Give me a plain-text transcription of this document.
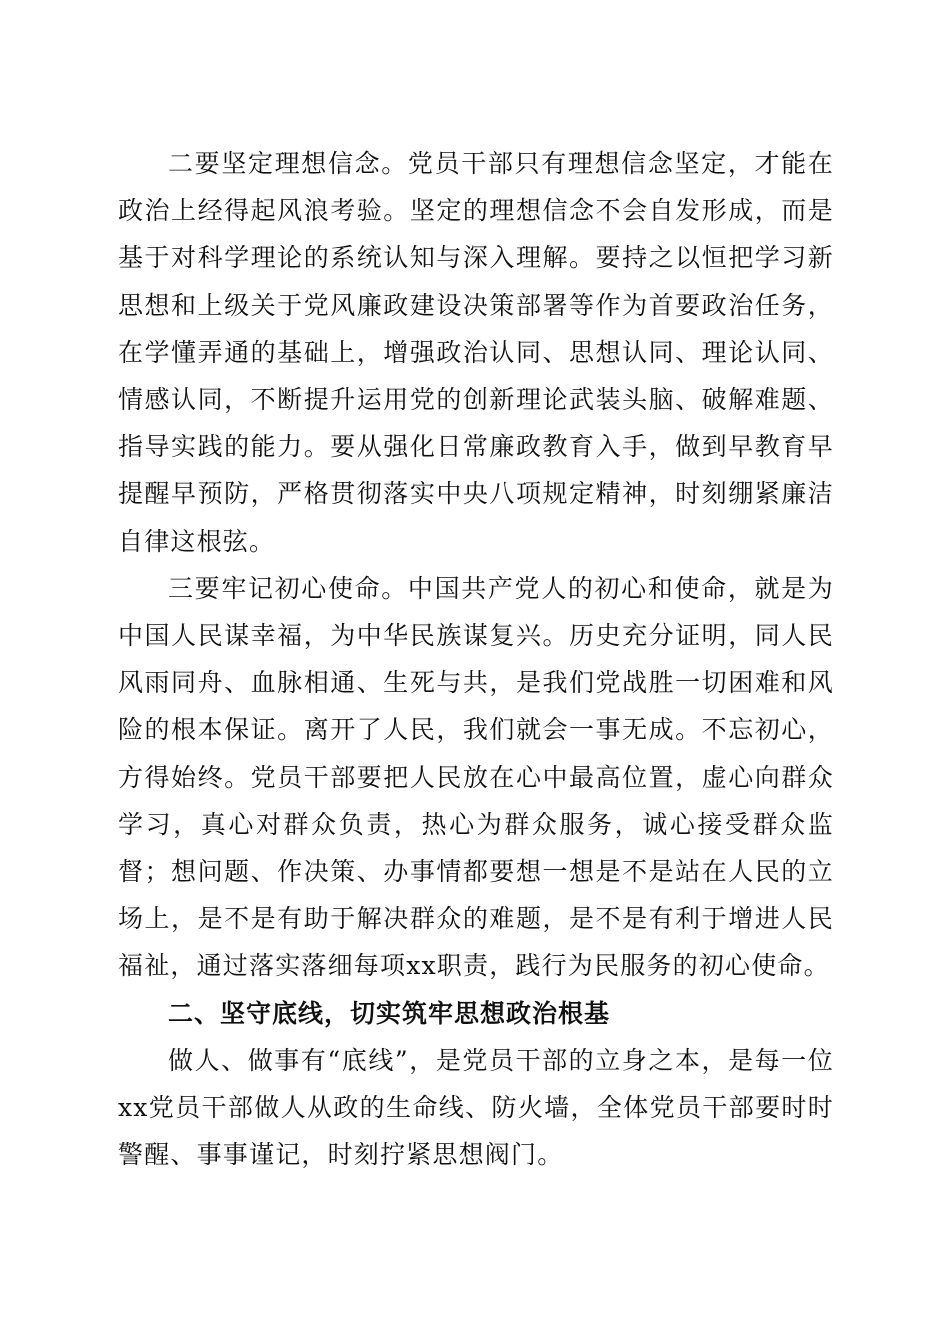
二要坚定理想信念。党员干部只有理想信念坚定，才能在政治上经得起风浪考验。坚定的理想信念不会自发形成，而是基于对科学理论的系统认知与深入理解。要持之以恒把学习新思想和上级关于党风廉政建设决策部署等作为首要政治任务，在学懂弄通的基础上，增强政治认同、思想认同、理论认同、情感认同，不断提升运用党的创新理论武装头脑、破解难题、指导实践的能力。要从强化日常廉政教育入手，做到早教育早提醒早预防，严格贯彻落实中央八项规定精神，时刻绷紧廉洁自律这根弦。

三要牢记初心使命。中国共产党人的初心和使命，就是为中国人民谋幸福，为中华民族谋复兴。历史充分证明，同人民风雨同舟、血脉相通、生死与共，是我们党战胜一切困难和风险的根本保证。离开了人民，我们就会一事无成。不忘初心，方得始终。党员干部要把人民放在心中最高位置，虚心向群众学习，真心对群众负责，热心为群众服务，诚心接受群众监督；想问题、作决策、办事情都要想一想是不是站在人民的立场上，是不是有助于解决群众的难题，是不是有利于增进人民福祉，通过落实落细每项xx职责，践行为民服务的初心使命。

二、坚守底线，切实筑牢思想政治根基

做人、做事有“底线”，是党员干部的立身之本，是每一位xx党员干部做人从政的生命线、防火墙，全体党员干部要时时警醒、事事谨记，时刻拧紧思想阀门。
